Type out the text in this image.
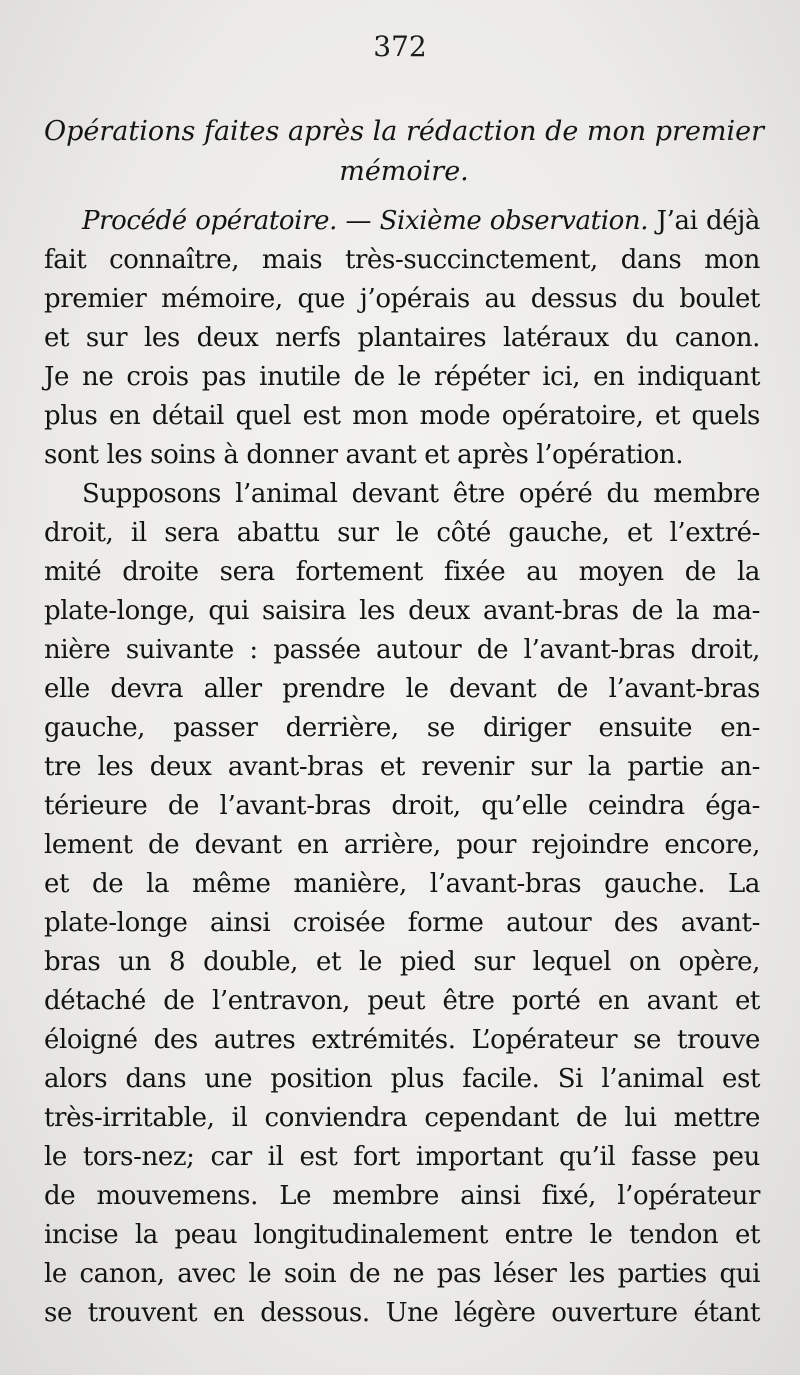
372
Opérations faites après la rédaction de mon premier
mémoire.
Procédé opératoire. — Sixième observation. J’ai déjà
fait connaître, mais très-succinctement, dans mon
premier mémoire, que j’opérais au dessus du boulet
et sur les deux nerfs plantaires latéraux du canon.
Je ne crois pas inutile de le répéter ici, en indiquant
plus en détail quel est mon mode opératoire, et quels
sont les soins à donner avant et après l’opération.
Supposons l’animal devant être opéré du membre
droit, il sera abattu sur le côté gauche, et l’extré-
mité droite sera fortement fixée au moyen de la
plate-longe, qui saisira les deux avant-bras de la ma-
nière suivante : passée autour de l’avant-bras droit,
elle devra aller prendre le devant de l’avant-bras
gauche, passer derrière, se diriger ensuite en-
tre les deux avant-bras et revenir sur la partie an-
térieure de l’avant-bras droit, qu’elle ceindra éga-
lement de devant en arrière, pour rejoindre encore,
et de la même manière, l’avant-bras gauche. La
plate-longe ainsi croisée forme autour des avant-
bras un 8 double, et le pied sur lequel on opère,
détaché de l’entravon, peut être porté en avant et
éloigné des autres extrémités. L’opérateur se trouve
alors dans une position plus facile. Si l’animal est
très-irritable, il conviendra cependant de lui mettre
le tors-nez; car il est fort important qu’il fasse peu
de mouvemens. Le membre ainsi fixé, l’opérateur
incise la peau longitudinalement entre le tendon et
le canon, avec le soin de ne pas léser les parties qui
se trouvent en dessous. Une légère ouverture étant
